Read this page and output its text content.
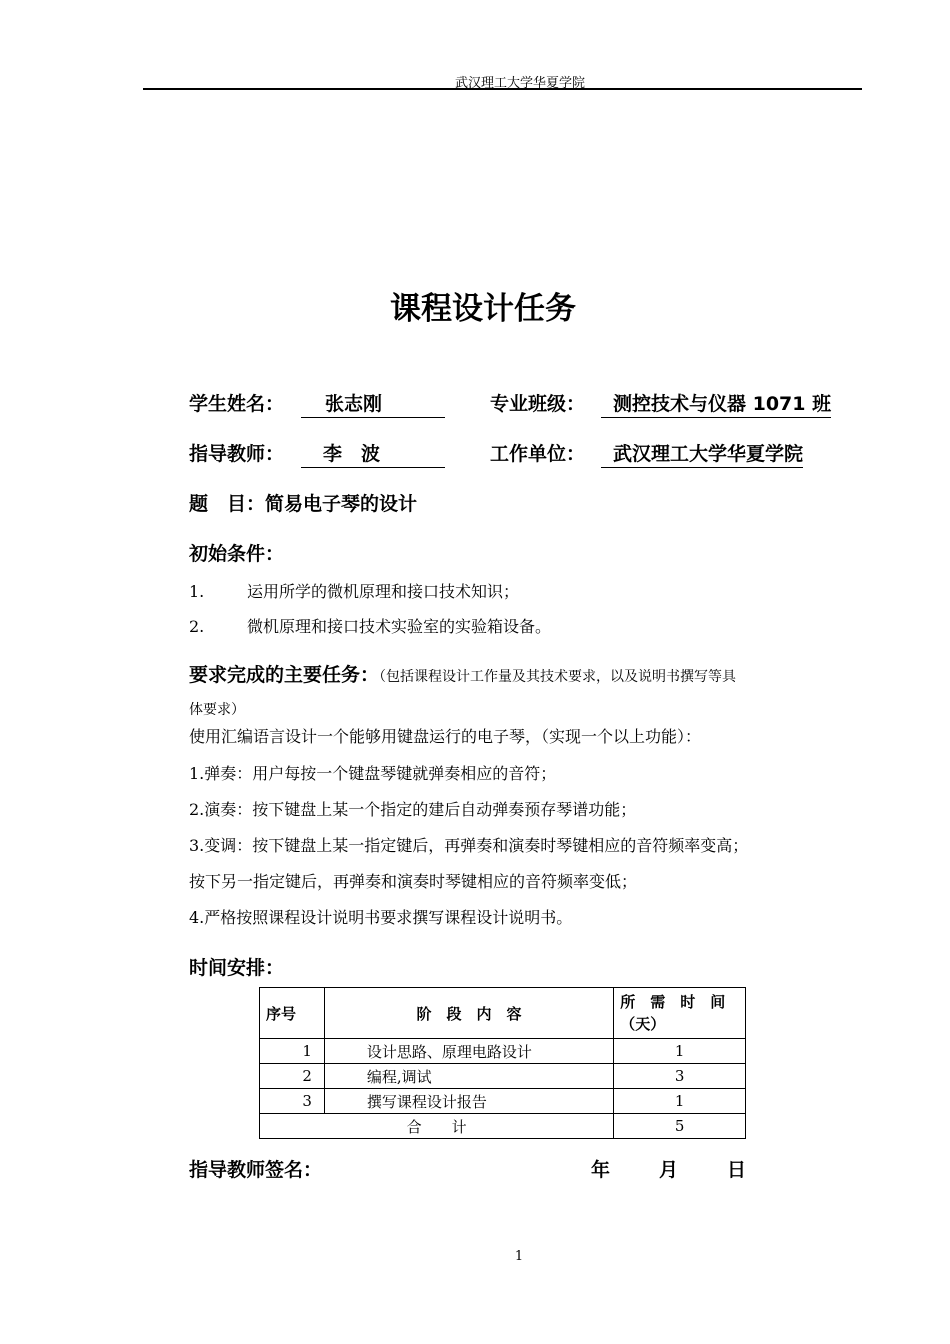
武汉理工大学华夏学院
课程设计任务
学生姓名：	张志刚	专业班级：	测控技术与仪器 1071 班
指导教师：	李　波	工作单位：	武汉理工大学华夏学院
题　目：简易电子琴的设计
初始条件：
1.	运用所学的微机原理和接口技术知识；
2.	微机原理和接口技术实验室的实验箱设备。
要求完成的主要任务：（包括课程设计工作量及其技术要求，以及说明书撰写等具
体要求）
使用汇编语言设计一个能够用键盘运行的电子琴，（实现一个以上功能）：
1.弹奏：用户每按一个键盘琴键就弹奏相应的音符；
2.演奏：按下键盘上某一个指定的建后自动弹奏预存琴谱功能；
3.变调：按下键盘上某一指定键后，再弹奏和演奏时琴键相应的音符频率变高；
按下另一指定键后，再弹奏和演奏时琴键相应的音符频率变低；
4.严格按照课程设计说明书要求撰写课程设计说明书。
时间安排：
序号	阶　段　内　容	所　需　时　间
（天）

1	设计思路、原理电路设计	1
2	编程,调试	3
3	撰写课程设计报告	1
合　　计		5
指导教师签名：	年	月	日
1
